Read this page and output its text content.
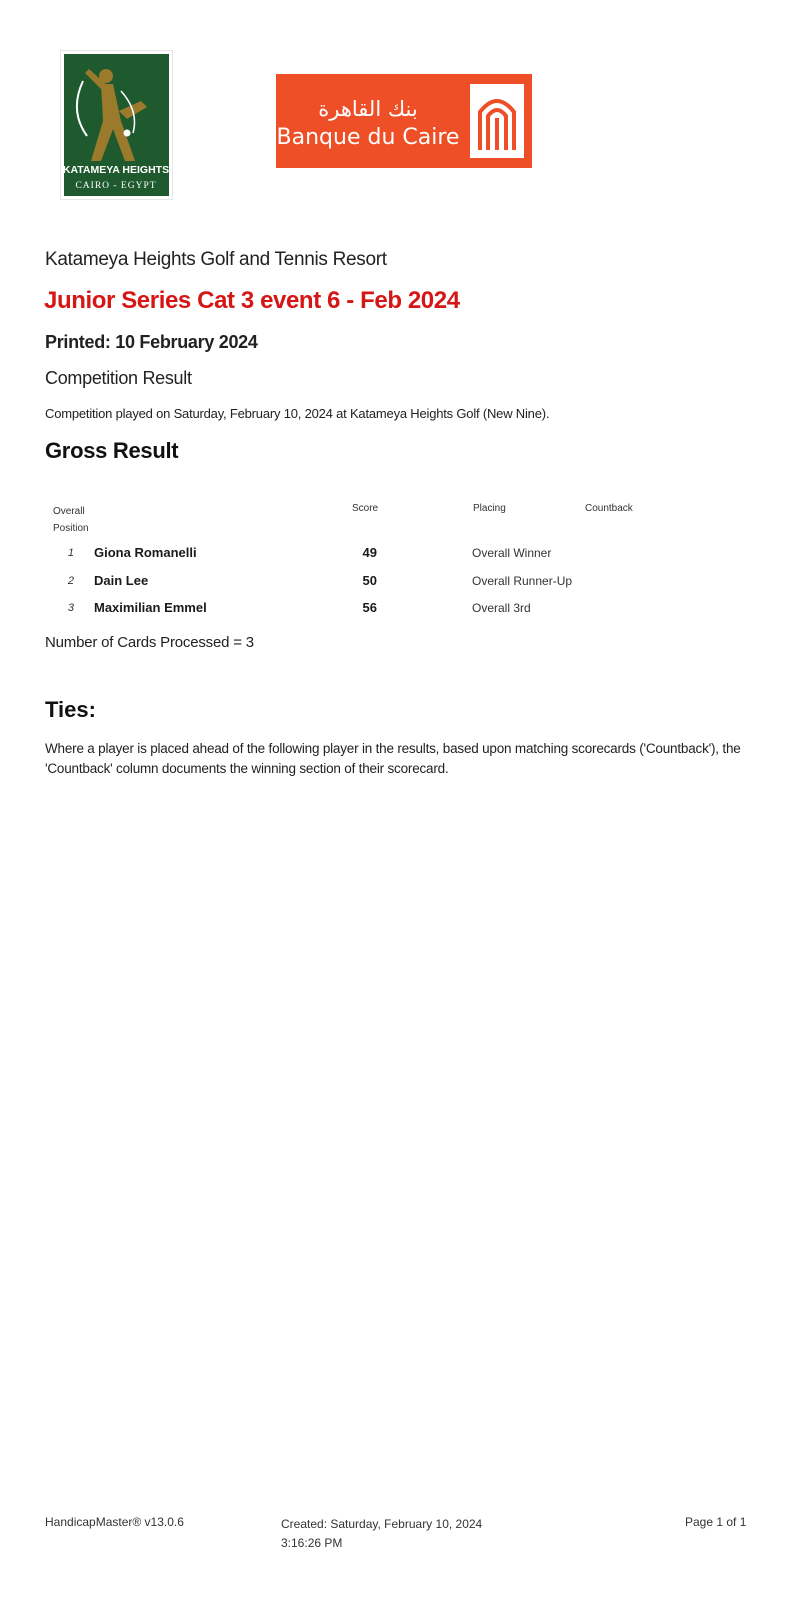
KATAMEYA HEIGHTS
CAIRO - EGYPT
بنك القاهرة
Banque du Caire
Katameya Heights Golf and Tennis Resort
Junior Series Cat 3 event 6 - Feb 2024
Printed: 10 February 2024
Competition Result
Competition played on Saturday, February 10, 2024 at Katameya Heights Golf (New Nine).
Gross Result
Overall Position
Score	Placing	Countback
1 Giona Romanelli	49	Overall Winner
2 Dain Lee	50	Overall Runner-Up
3 Maximilian Emmel	56	Overall 3rd
Number of Cards Processed = 3
Ties:
Where a player is placed ahead of the following player in the results, based upon matching scorecards ('Countback'), the 'Countback' column documents the winning section of their scorecard.
HandicapMaster® v13.0.6	Created: Saturday, February 10, 2024 3:16:26 PM
Page 1 of 1
